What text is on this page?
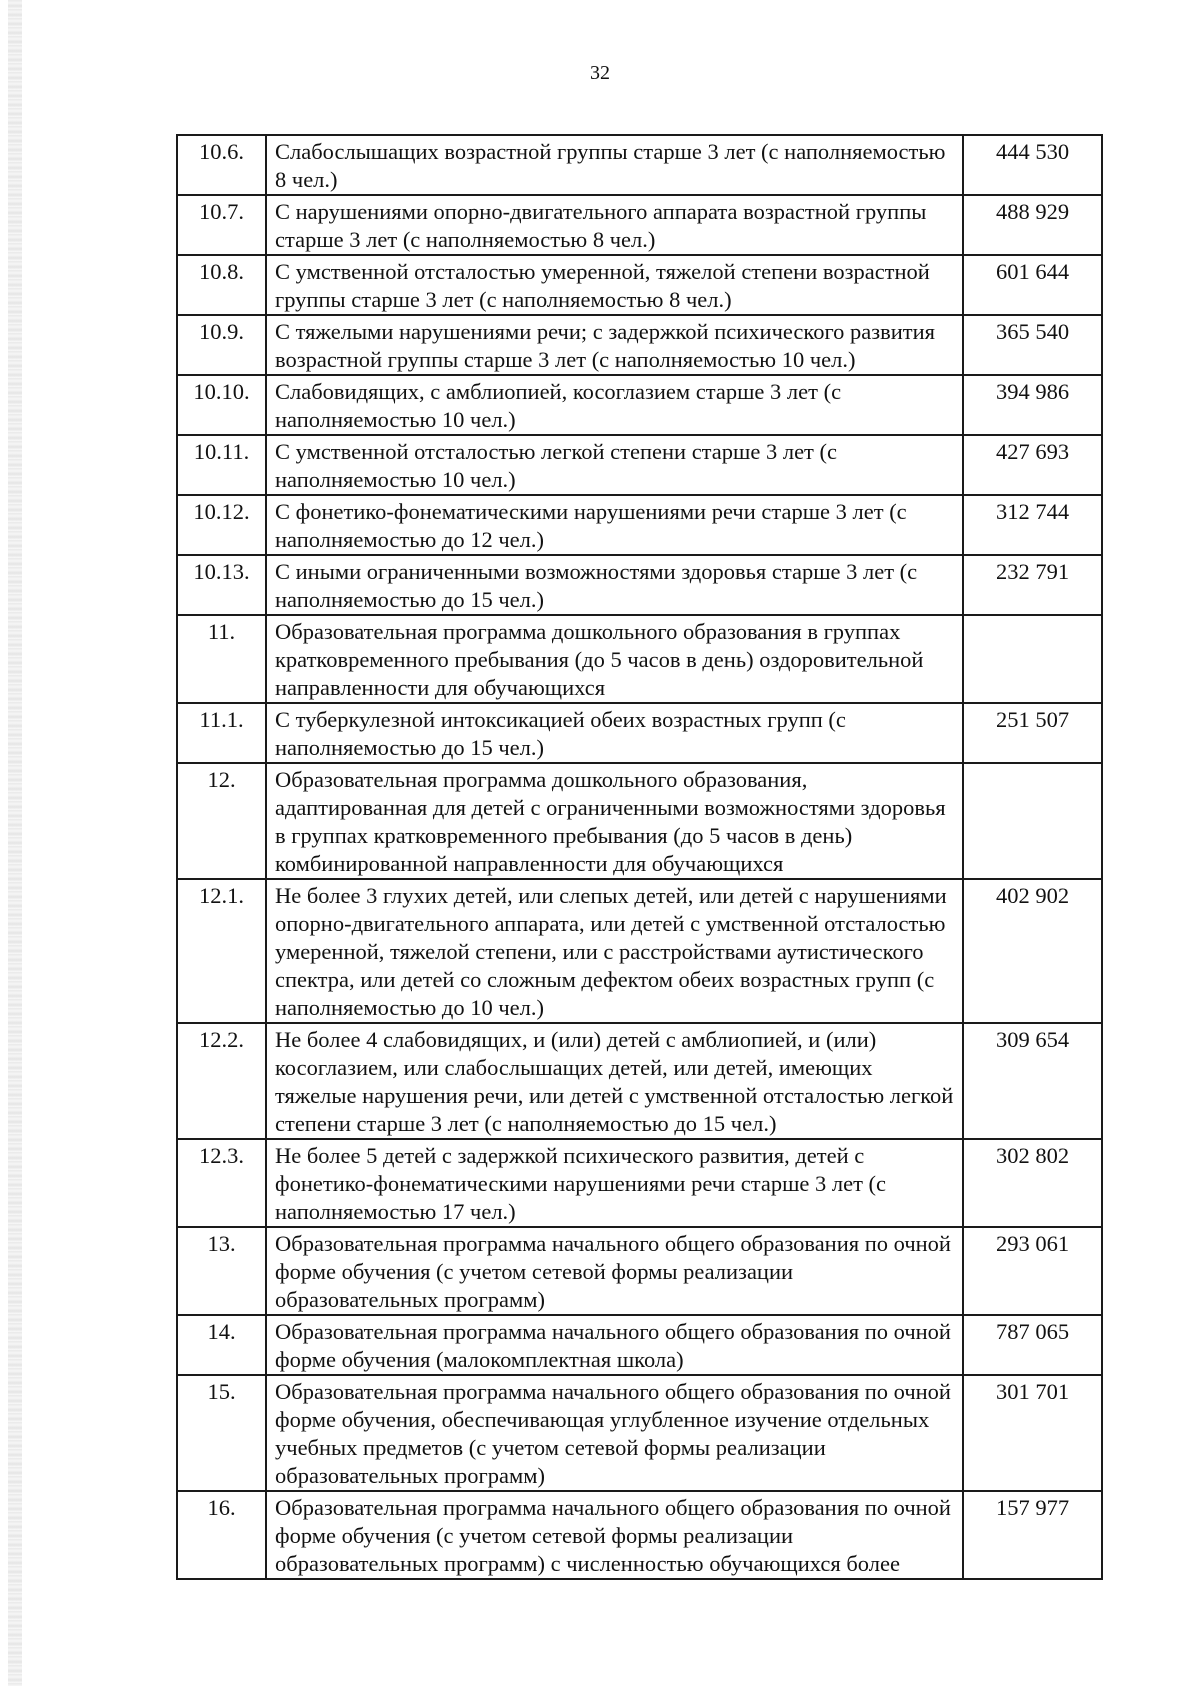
32
10.6.	Слабослышащих возрастной группы старше 3 лет (с наполняемостью 8 чел.)	444 530
10.7.	С нарушениями опорно-двигательного аппарата возрастной группы старше 3 лет (с наполняемостью 8 чел.)	488 929
10.8.	С умственной отсталостью умеренной, тяжелой степени возрастной группы старше 3 лет (с наполняемостью 8 чел.)	601 644
10.9.	С тяжелыми нарушениями речи; с задержкой психического развития возрастной группы старше 3 лет (с наполняемостью 10 чел.)	365 540
10.10.	Слабовидящих, с амблиопией, косоглазием старше 3 лет (с наполняемостью 10 чел.)	394 986
10.11.	С умственной отсталостью легкой степени старше 3 лет (с наполняемостью 10 чел.)	427 693
10.12.	С фонетико-фонематическими нарушениями речи старше 3 лет (с наполняемостью до 12 чел.)	312 744
10.13.	С иными ограниченными возможностями здоровья старше 3 лет (с наполняемостью до 15 чел.)	232 791
11.	Образовательная программа дошкольного образования в группах кратковременного пребывания (до 5 часов в день) оздоровительной направленности для обучающихся	
11.1.	С туберкулезной интоксикацией обеих возрастных групп (с наполняемостью до 15 чел.)	251 507
12.	Образовательная программа дошкольного образования, адаптированная для детей с ограниченными возможностями здоровья в группах кратковременного пребывания (до 5 часов в день) комбинированной направленности для обучающихся	
12.1.	Не более 3 глухих детей, или слепых детей, или детей с нарушениями опорно-двигательного аппарата, или детей с умственной отсталостью умеренной, тяжелой степени, или с расстройствами аутистического спектра, или детей со сложным дефектом обеих возрастных групп (с наполняемостью до 10 чел.)	402 902
12.2.	Не более 4 слабовидящих, и (или) детей с амблиопией, и (или) косоглазием, или слабослышащих детей, или детей, имеющих тяжелые нарушения речи, или детей с умственной отсталостью легкой степени старше 3 лет (с наполняемостью до 15 чел.)	309 654
12.3.	Не более 5 детей с задержкой психического развития, детей с фонетико-фонематическими нарушениями речи старше 3 лет (с наполняемостью 17 чел.)	302 802
13.	Образовательная программа начального общего образования по очной форме обучения (с учетом сетевой формы реализации образовательных программ)	293 061
14.	Образовательная программа начального общего образования по очной форме обучения (малокомплектная школа)	787 065
15.	Образовательная программа начального общего образования по очной форме обучения, обеспечивающая углубленное изучение отдельных учебных предметов (с учетом сетевой формы реализации образовательных программ)	301 701
16.	Образовательная программа начального общего образования по очной форме обучения (с учетом сетевой формы реализации образовательных программ) с численностью обучающихся более	157 977
